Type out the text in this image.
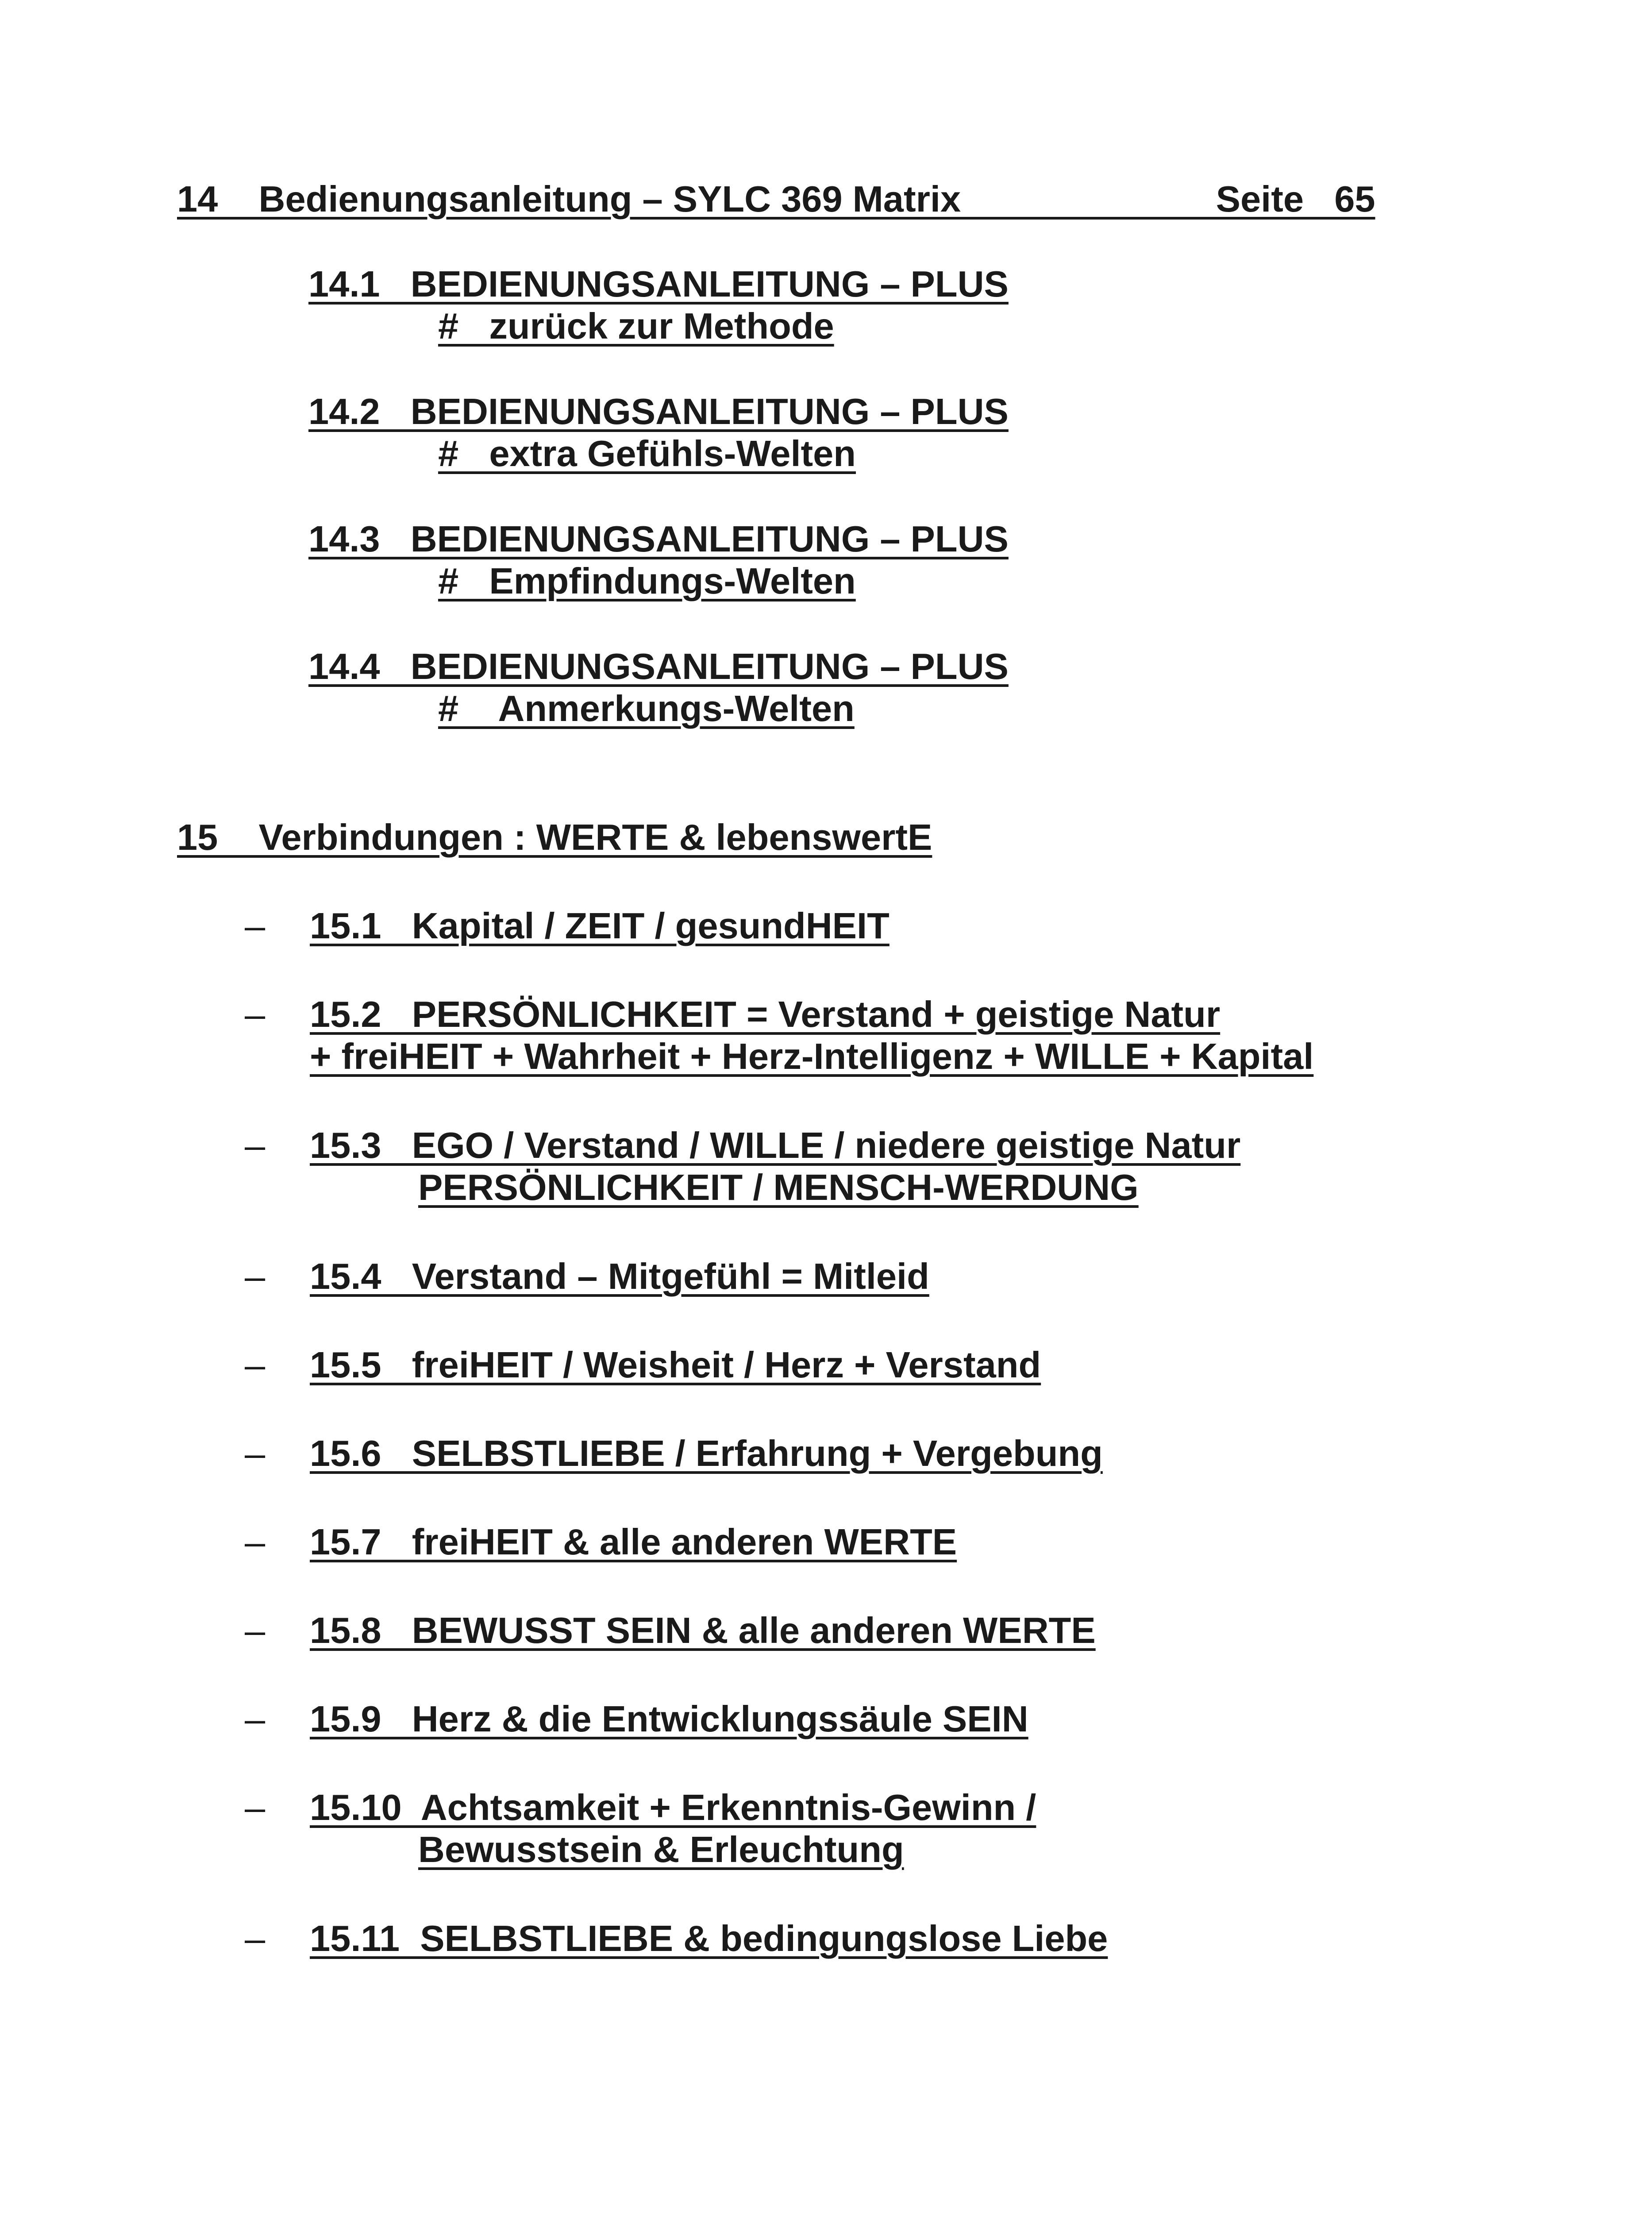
14    Bedienungsanleitung – SYLC 369 Matrix                         Seite   65
14.1   BEDIENUNGSANLEITUNG – PLUS
#   zurück zur Methode
14.2   BEDIENUNGSANLEITUNG – PLUS
#   extra Gefühls-Welten
14.3   BEDIENUNGSANLEITUNG – PLUS
#   Empfindungs-Welten
14.4   BEDIENUNGSANLEITUNG – PLUS
#    Anmerkungs-Welten
15    Verbindungen : WERTE & lebenswertE
– 15.1   Kapital / ZEIT / gesundHEIT
– 15.2   PERSÖNLICHKEIT = Verstand + geistige Natur
+ freiHEIT + Wahrheit + Herz-Intelligenz + WILLE + Kapital
– 15.3   EGO / Verstand / WILLE / niedere geistige Natur
PERSÖNLICHKEIT / MENSCH-WERDUNG
– 15.4   Verstand – Mitgefühl = Mitleid
– 15.5   freiHEIT / Weisheit / Herz + Verstand
– 15.6   SELBSTLIEBE / Erfahrung + Vergebung
– 15.7   freiHEIT & alle anderen WERTE
– 15.8   BEWUSST SEIN & alle anderen WERTE
– 15.9   Herz & die Entwicklungssäule SEIN
– 15.10  Achtsamkeit + Erkenntnis-Gewinn /
Bewusstsein & Erleuchtung
– 15.11  SELBSTLIEBE & bedingungslose Liebe
